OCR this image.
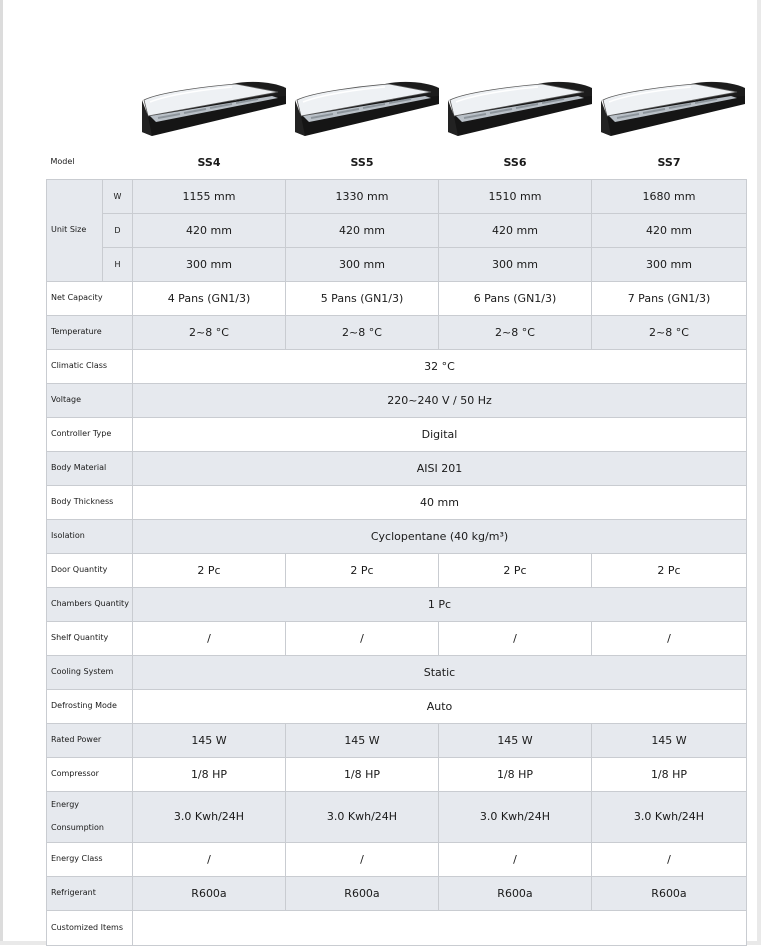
Model		SS4	SS5	SS6	SS7
Unit Size	W	1155 mm	1330 mm	1510 mm	1680 mm
	D	420 mm	420 mm	420 mm	420 mm
	H	300 mm	300 mm	300 mm	300 mm
Net Capacity		4 Pans (GN1/3)	5 Pans (GN1/3)	6 Pans (GN1/3)	7 Pans (GN1/3)
Temperature		2~8 °C	2~8 °C	2~8 °C	2~8 °C
Climatic Class		32 °C			
Voltage		220~240 V / 50 Hz			
Controller Type		Digital			
Body Material		AISI 201			
Body Thickness		40 mm			
Isolation		Cyclopentane (40 kg/m³)			
Door Quantity		2 Pc	2 Pc	2 Pc	2 Pc
Chambers Quantity		1 Pc			
Shelf Quantity		/	/	/	/
Cooling System		Static			
Defrosting Mode		Auto			
Rated Power		145 W	145 W	145 W	145 W
Compressor		1/8 HP	1/8 HP	1/8 HP	1/8 HP
Energy Consumption		3.0 Kwh/24H	3.0 Kwh/24H	3.0 Kwh/24H	3.0 Kwh/24H
Energy Class		/	/	/	/
Refrigerant		R600a	R600a	R600a	R600a
Customized Items					
